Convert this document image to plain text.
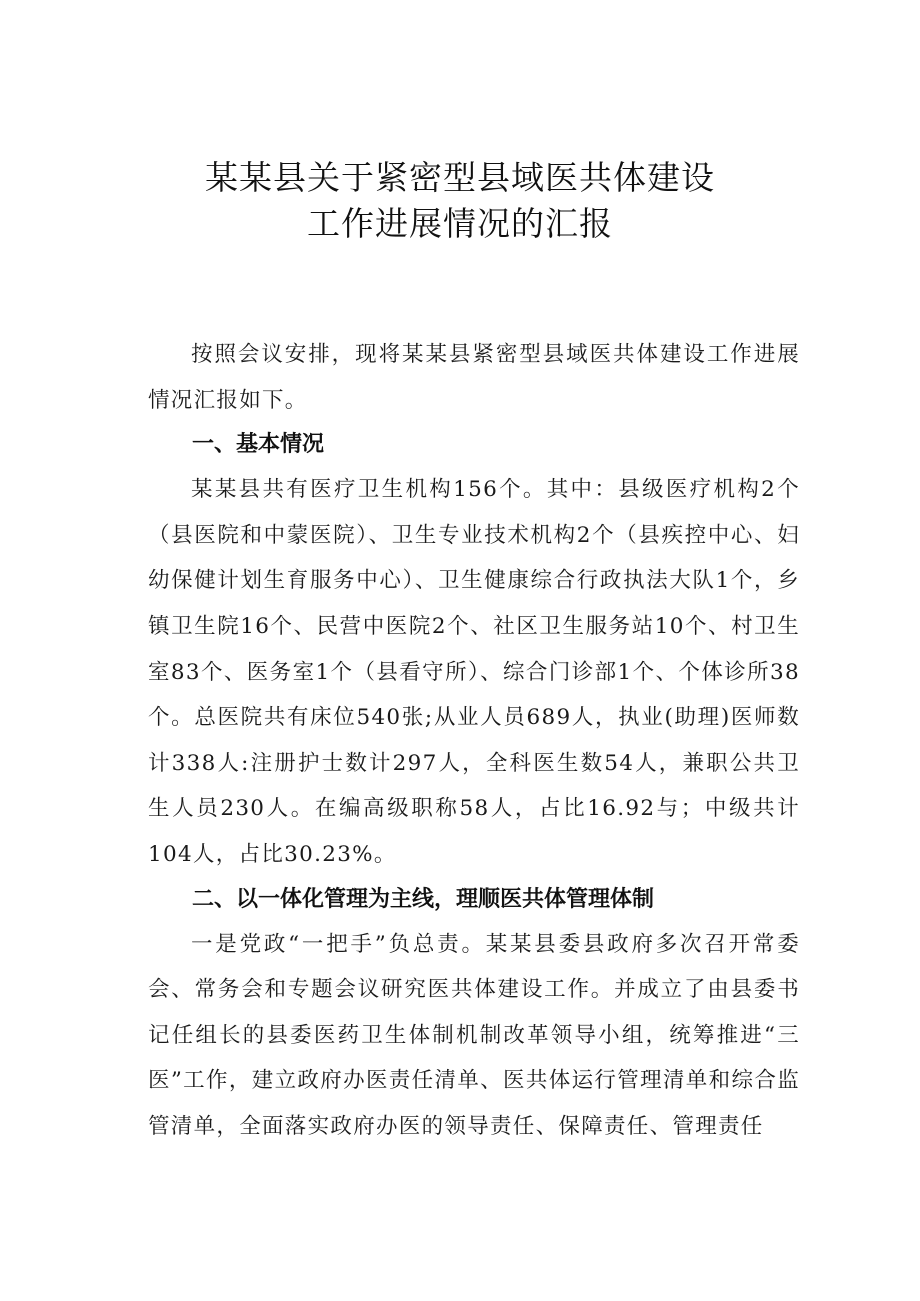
某某县关于紧密型县域医共体建设
工作进展情况的汇报

按照会议安排，现将某某县紧密型县域医共体建设工作进展情况汇报如下。

一、基本情况

某某县共有医疗卫生机构156个。其中：县级医疗机构2个（县医院和中蒙医院）、卫生专业技术机构2个（县疾控中心、妇幼保健计划生育服务中心）、卫生健康综合行政执法大队1个，乡镇卫生院16个、民营中医院2个、社区卫生服务站10个、村卫生室83个、医务室1个（县看守所）、综合门诊部1个、个体诊所38个。总医院共有床位540张;从业人员689人，执业(助理)医师数计338人:注册护士数计297人，全科医生数54人，兼职公共卫生人员230人。在编高级职称58人，占比16.92与；中级共计104人，占比30.23%。

二、以一体化管理为主线，理顺医共体管理体制

一是党政“一把手”负总责。某某县委县政府多次召开常委会、常务会和专题会议研究医共体建设工作。并成立了由县委书记任组长的县委医药卫生体制机制改革领导小组，统筹推进“三医”工作，建立政府办医责任清单、医共体运行管理清单和综合监管清单，全面落实政府办医的领导责任、保障责任、管理责任
